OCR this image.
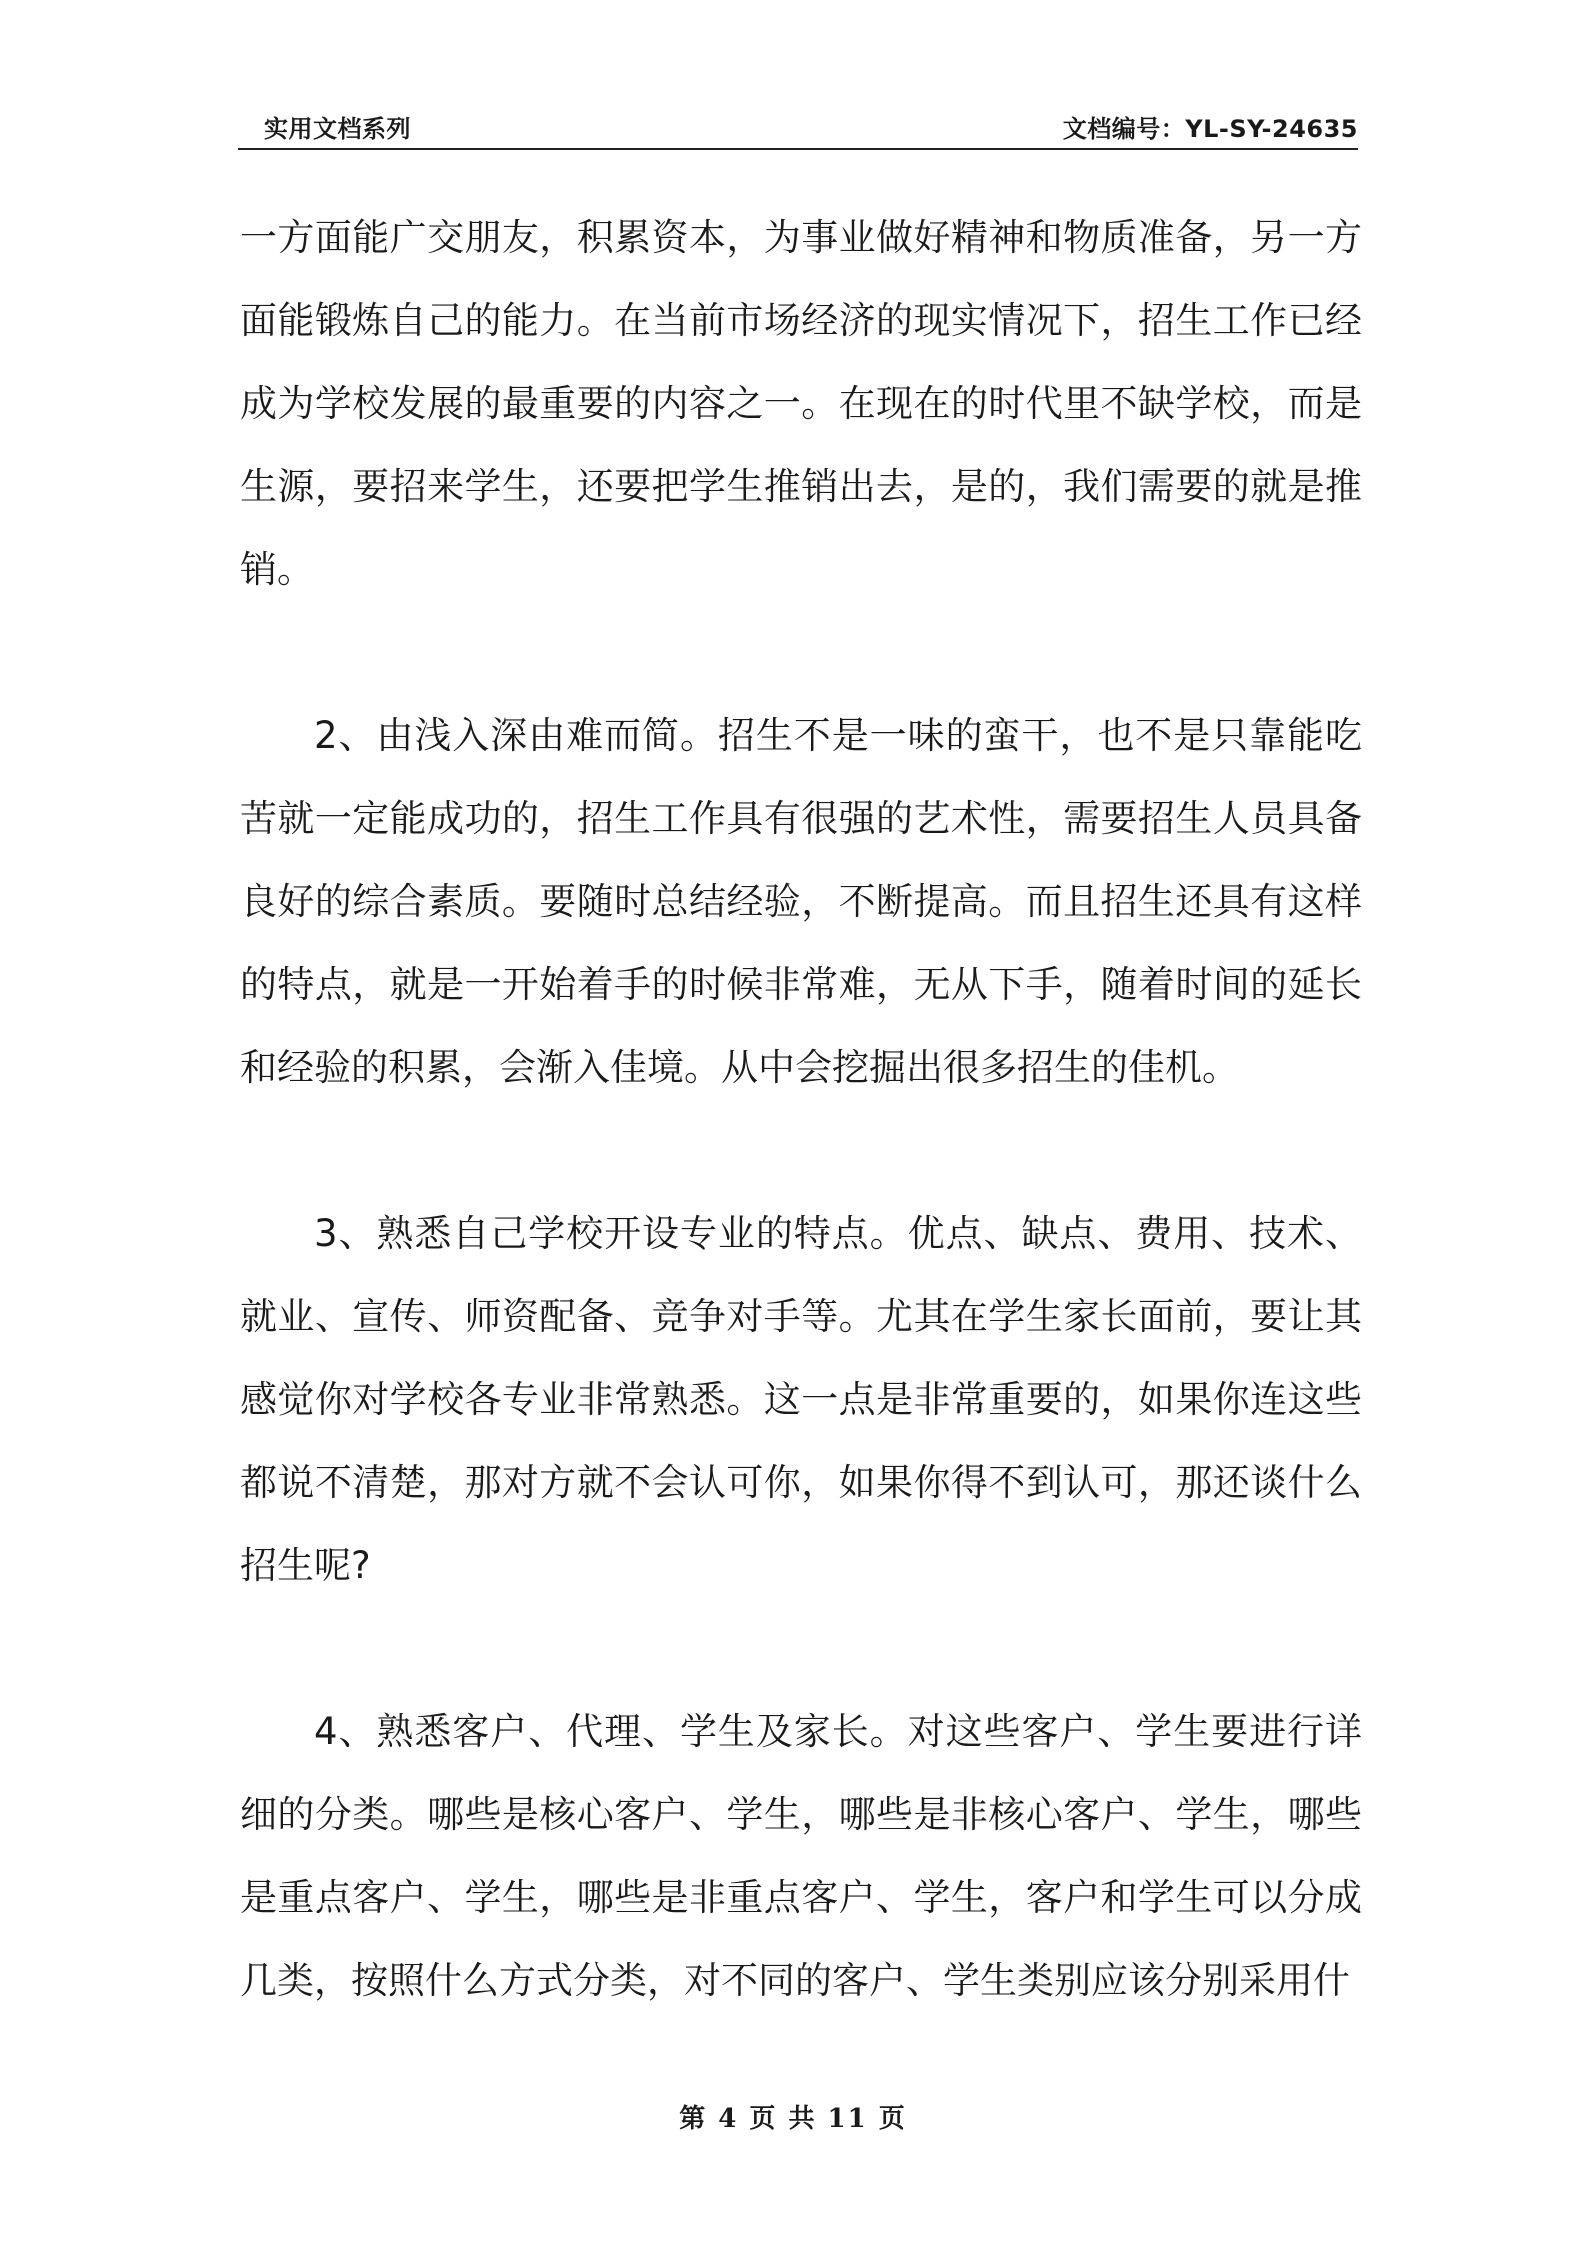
实用文档系列	文档编号：YL-SY-24635

一方面能广交朋友，积累资本，为事业做好精神和物质准备，另一方面能锻炼自己的能力。在当前市场经济的现实情况下，招生工作已经成为学校发展的最重要的内容之一。在现在的时代里不缺学校，而是生源，要招来学生，还要把学生推销出去，是的，我们需要的就是推销。

2、由浅入深由难而简。招生不是一味的蛮干，也不是只靠能吃苦就一定能成功的，招生工作具有很强的艺术性，需要招生人员具备良好的综合素质。要随时总结经验，不断提高。而且招生还具有这样的特点，就是一开始着手的时候非常难，无从下手，随着时间的延长和经验的积累，会渐入佳境。从中会挖掘出很多招生的佳机。

3、熟悉自己学校开设专业的特点。优点、缺点、费用、技术、就业、宣传、师资配备、竞争对手等。尤其在学生家长面前，要让其感觉你对学校各专业非常熟悉。这一点是非常重要的，如果你连这些都说不清楚，那对方就不会认可你，如果你得不到认可，那还谈什么招生呢?

4、熟悉客户、代理、学生及家长。对这些客户、学生要进行详细的分类。哪些是核心客户、学生，哪些是非核心客户、学生，哪些是重点客户、学生，哪些是非重点客户、学生，客户和学生可以分成几类，按照什么方式分类，对不同的客户、学生类别应该分别采用什

第 4 页 共 11 页
